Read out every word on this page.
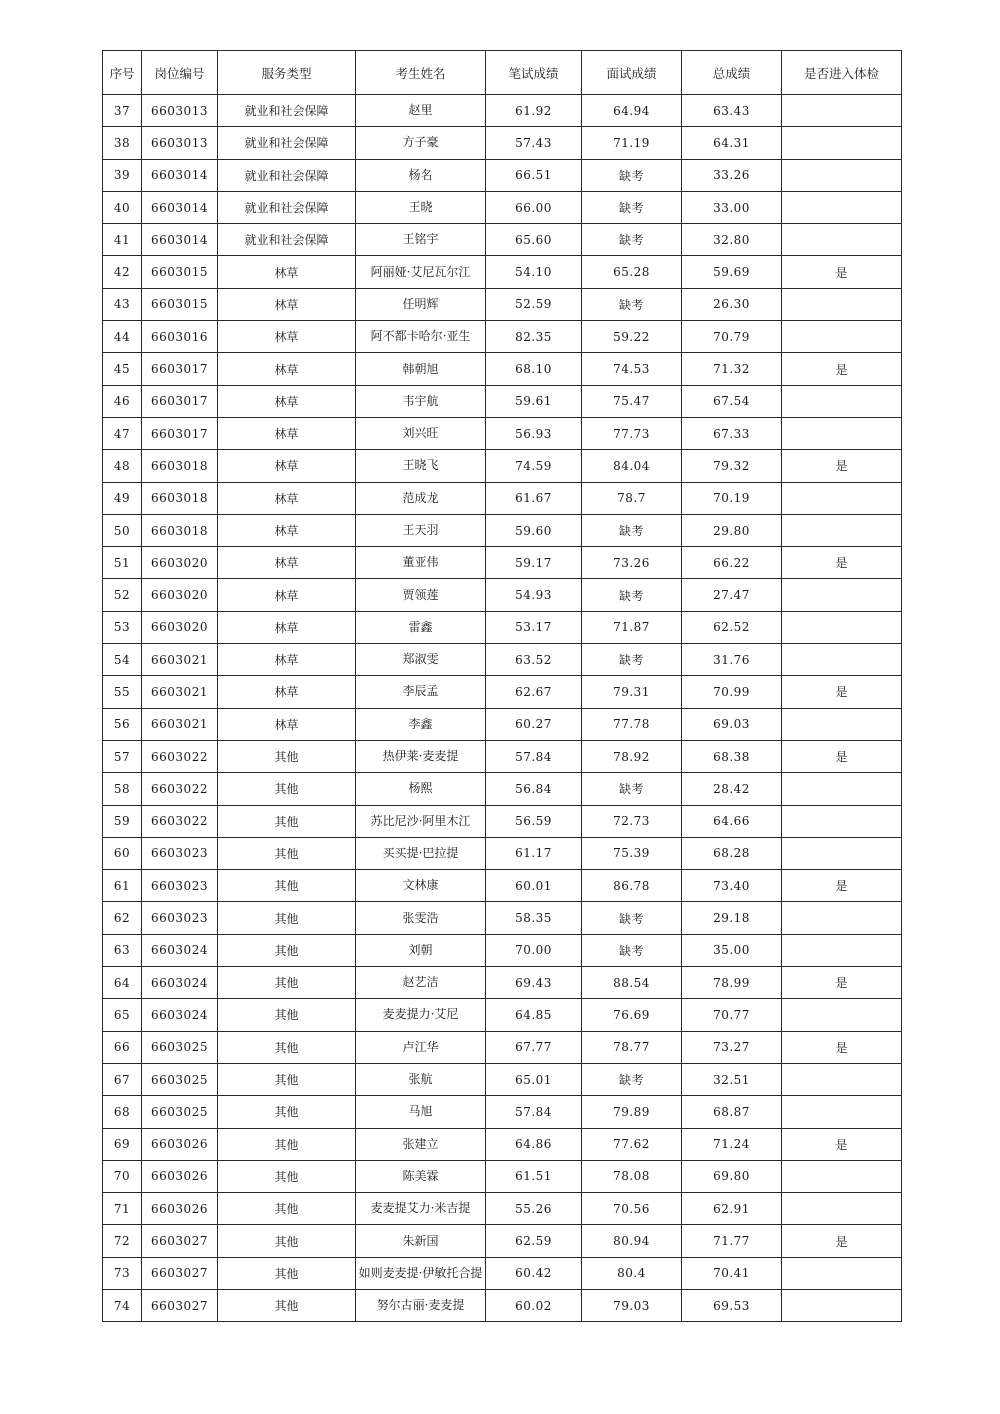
序号	岗位编号	服务类型	考生姓名	笔试成绩	面试成绩	总成绩	是否进入体检
37	6603013	就业和社会保障	赵里	61.92	64.94	63.43	
38	6603013	就业和社会保障	方子豪	57.43	71.19	64.31	
39	6603014	就业和社会保障	杨名	66.51	缺考	33.26	
40	6603014	就业和社会保障	王晓	66.00	缺考	33.00	
41	6603014	就业和社会保障	王铭宇	65.60	缺考	32.80	
42	6603015	林草	阿丽娅·艾尼瓦尔江	54.10	65.28	59.69	是
43	6603015	林草	任明辉	52.59	缺考	26.30	
44	6603016	林草	阿不都卡哈尔·亚生	82.35	59.22	70.79	
45	6603017	林草	韩朝旭	68.10	74.53	71.32	是
46	6603017	林草	韦宇航	59.61	75.47	67.54	
47	6603017	林草	刘兴旺	56.93	77.73	67.33	
48	6603018	林草	王晓飞	74.59	84.04	79.32	是
49	6603018	林草	范成龙	61.67	78.7	70.19	
50	6603018	林草	王天羽	59.60	缺考	29.80	
51	6603020	林草	董亚伟	59.17	73.26	66.22	是
52	6603020	林草	贾领莲	54.93	缺考	27.47	
53	6603020	林草	雷鑫	53.17	71.87	62.52	
54	6603021	林草	郑淑雯	63.52	缺考	31.76	
55	6603021	林草	李辰孟	62.67	79.31	70.99	是
56	6603021	林草	李鑫	60.27	77.78	69.03	
57	6603022	其他	热伊莱·麦麦提	57.84	78.92	68.38	是
58	6603022	其他	杨熙	56.84	缺考	28.42	
59	6603022	其他	苏比尼沙·阿里木江	56.59	72.73	64.66	
60	6603023	其他	买买提·巴拉提	61.17	75.39	68.28	
61	6603023	其他	文林康	60.01	86.78	73.40	是
62	6603023	其他	张雯浩	58.35	缺考	29.18	
63	6603024	其他	刘朝	70.00	缺考	35.00	
64	6603024	其他	赵艺洁	69.43	88.54	78.99	是
65	6603024	其他	麦麦提力·艾尼	64.85	76.69	70.77	
66	6603025	其他	卢江华	67.77	78.77	73.27	是
67	6603025	其他	张航	65.01	缺考	32.51	
68	6603025	其他	马旭	57.84	79.89	68.87	
69	6603026	其他	张建立	64.86	77.62	71.24	是
70	6603026	其他	陈美霖	61.51	78.08	69.80	
71	6603026	其他	麦麦提艾力·米吉提	55.26	70.56	62.91	
72	6603027	其他	朱新国	62.59	80.94	71.77	是
73	6603027	其他	如则麦麦提·伊敏托合提	60.42	80.4	70.41	
74	6603027	其他	努尔古丽·麦麦提	60.02	79.03	69.53	
